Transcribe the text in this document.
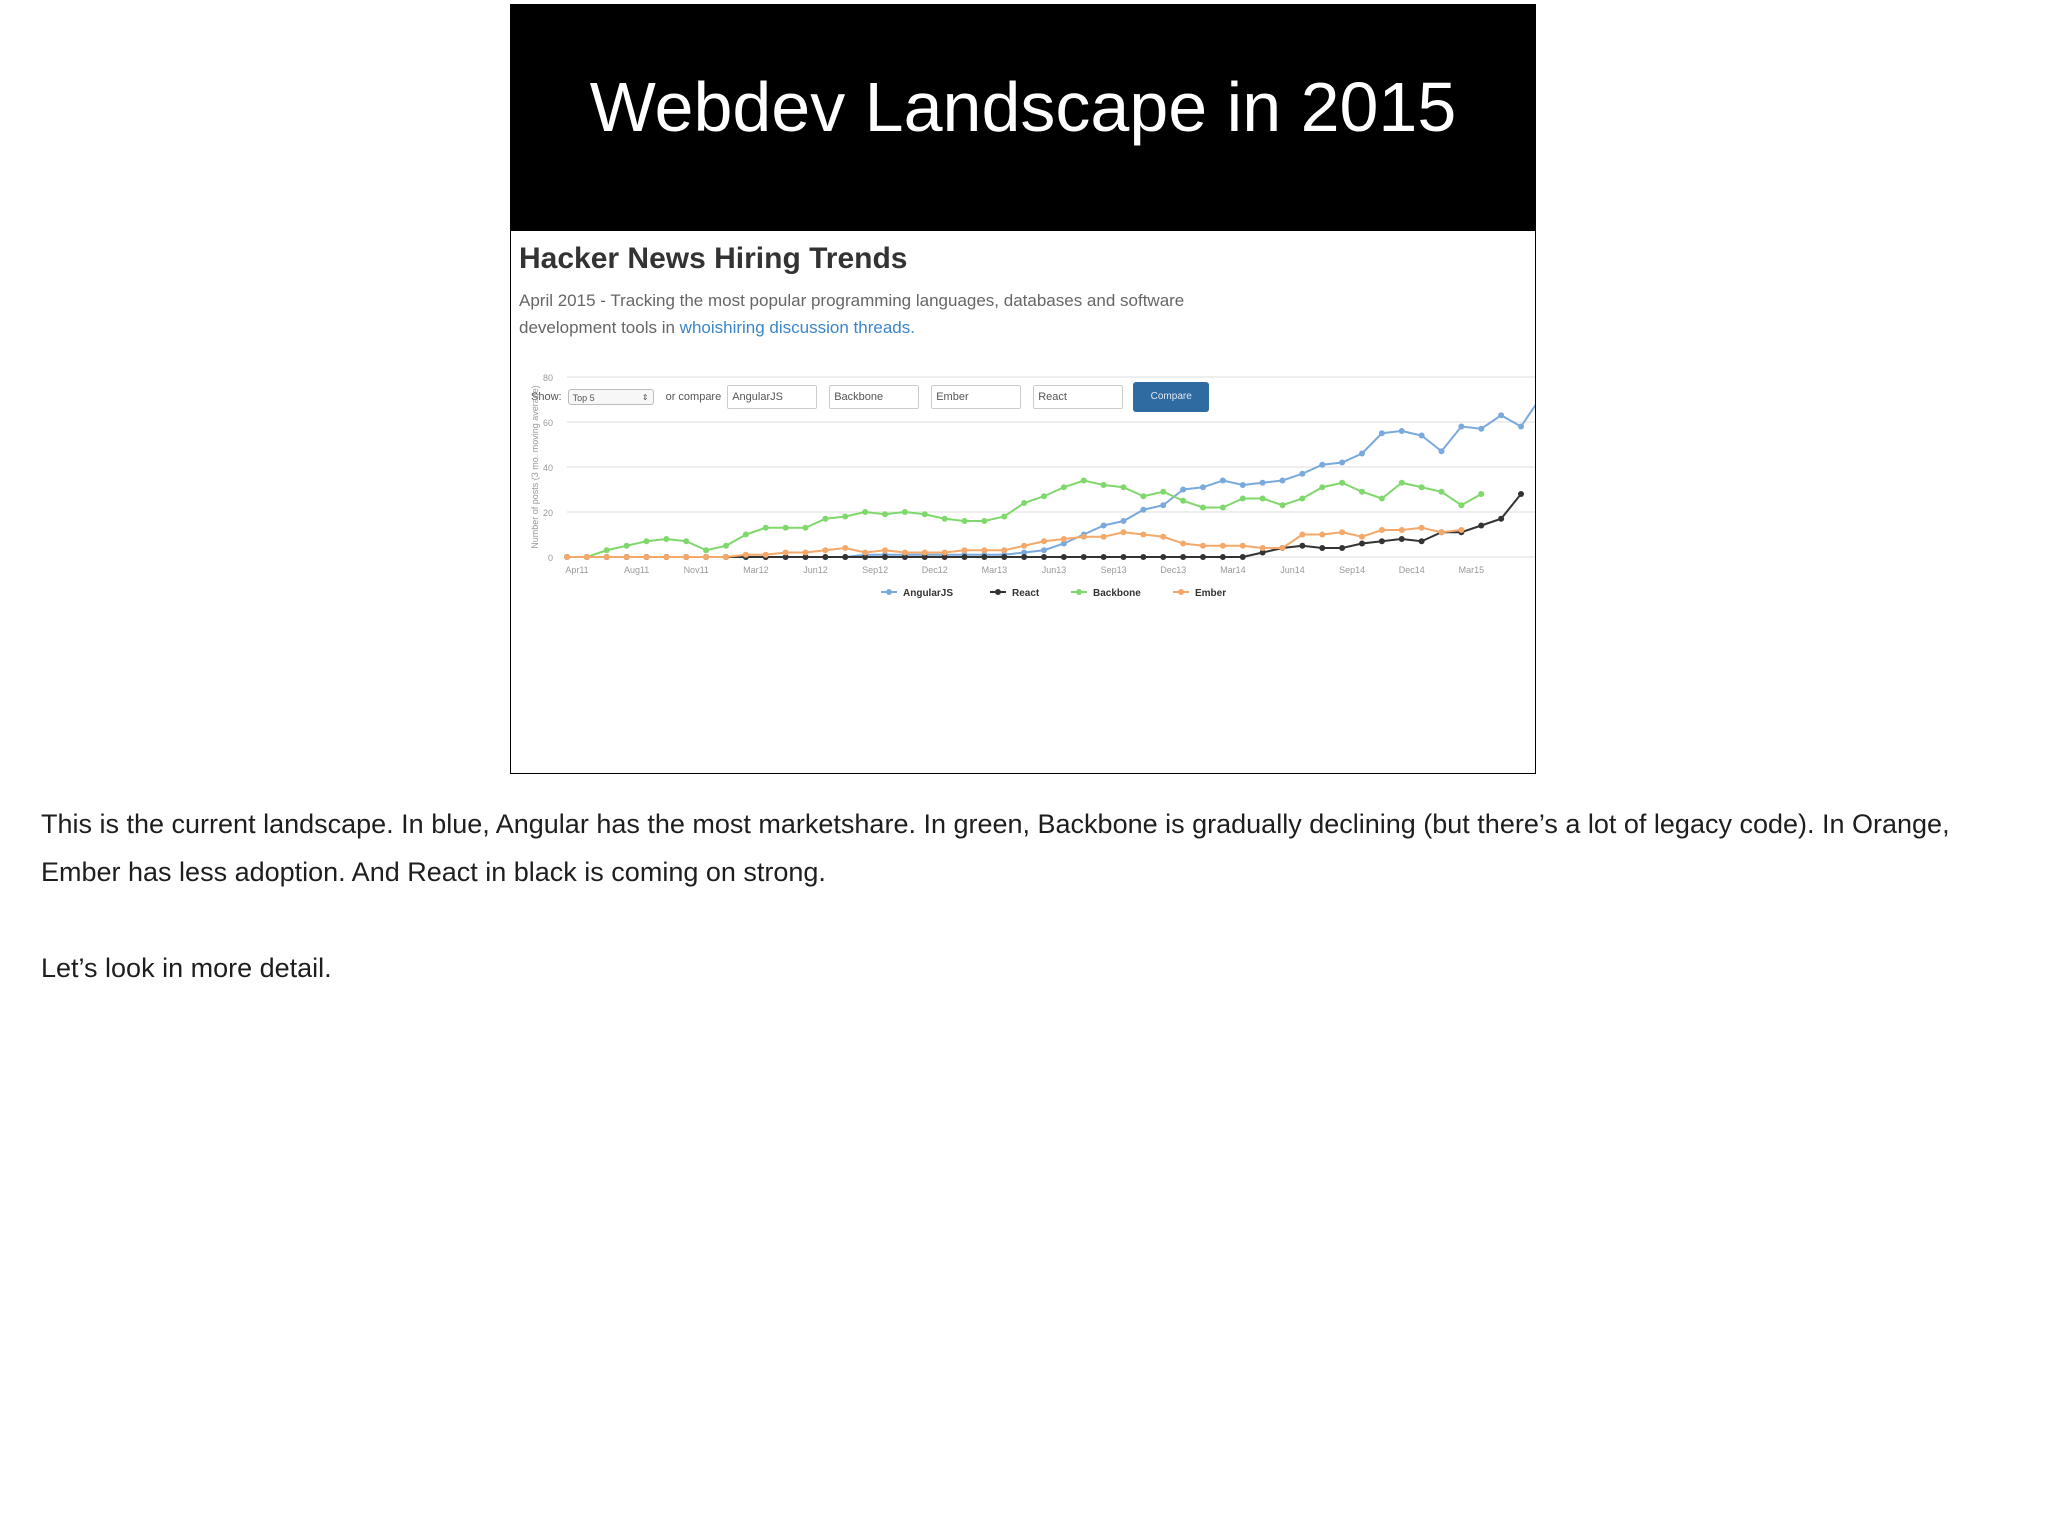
Webdev Landscape in 2015
Hacker News Hiring Trends
April 2015 - Tracking the most popular programming languages, databases and software development tools in whoishiring discussion threads.
Show:	Top 5	⇕ or compare	AngularJS	Backbone	Ember	React	Compare
0
20
40
60
80
Number of posts (3 mo. moving average)
Apr11	Aug11	Nov11	Mar12	Jun12	Sep12	Dec12	Mar13	Jun13	Sep13	Dec13	Mar14	Jun14	Sep14	Dec14	Mar15
AngularJS	React	Backbone	Ember

This is the current landscape. In blue, Angular has the most marketshare. In green, Backbone is gradually declining (but there’s a lot of legacy code). In Orange, Ember has less adoption. And React in black is coming on strong.

Let’s look in more detail.
